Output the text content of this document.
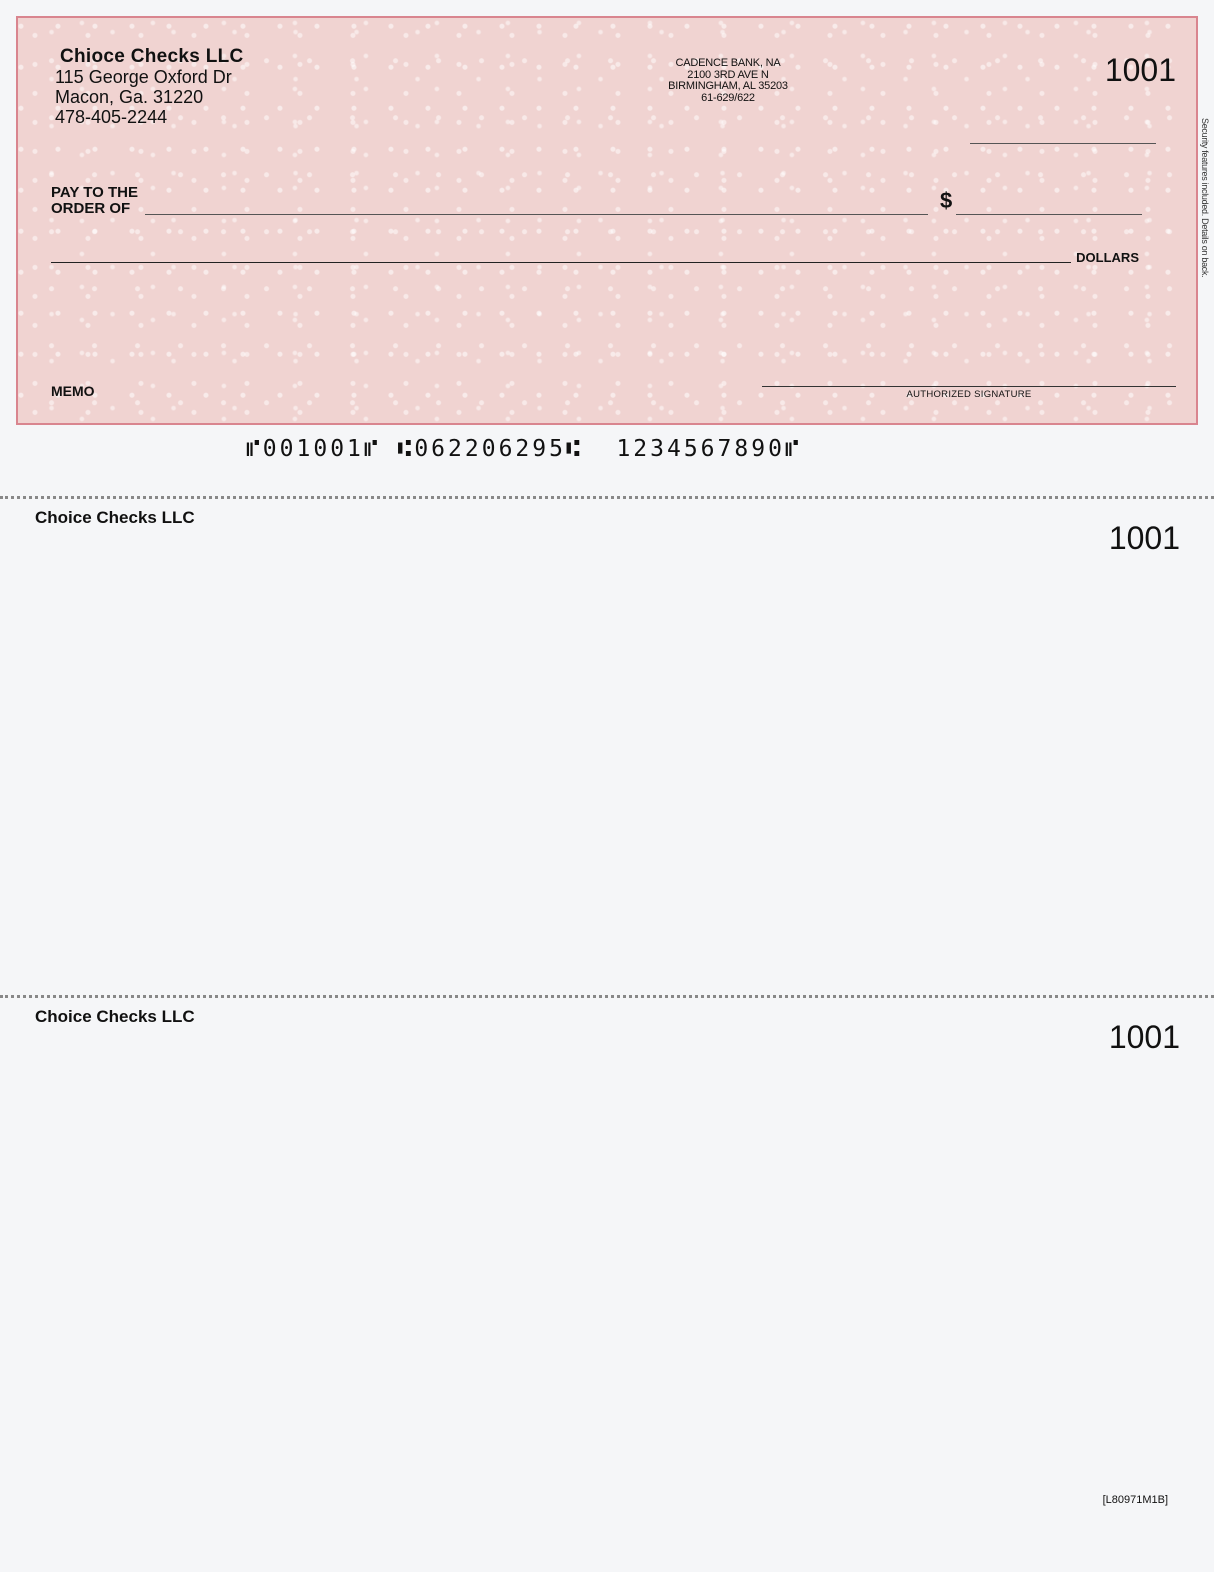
Chioce Checks LLC
115 George Oxford Dr
Macon, Ga. 31220
478-405-2244
CADENCE BANK, NA
2100 3RD AVE N
BIRMINGHAM, AL 35203
61-629/622
1001
PAY TO THE
ORDER OF	$
DOLLARS
MEMO	AUTHORIZED SIGNATURE
Security features included. Details on back.
⑈001001⑈ ⑆062206295⑆  1234567890⑈
Choice Checks LLC
1001
Choice Checks LLC
1001
[L80971M1B]
